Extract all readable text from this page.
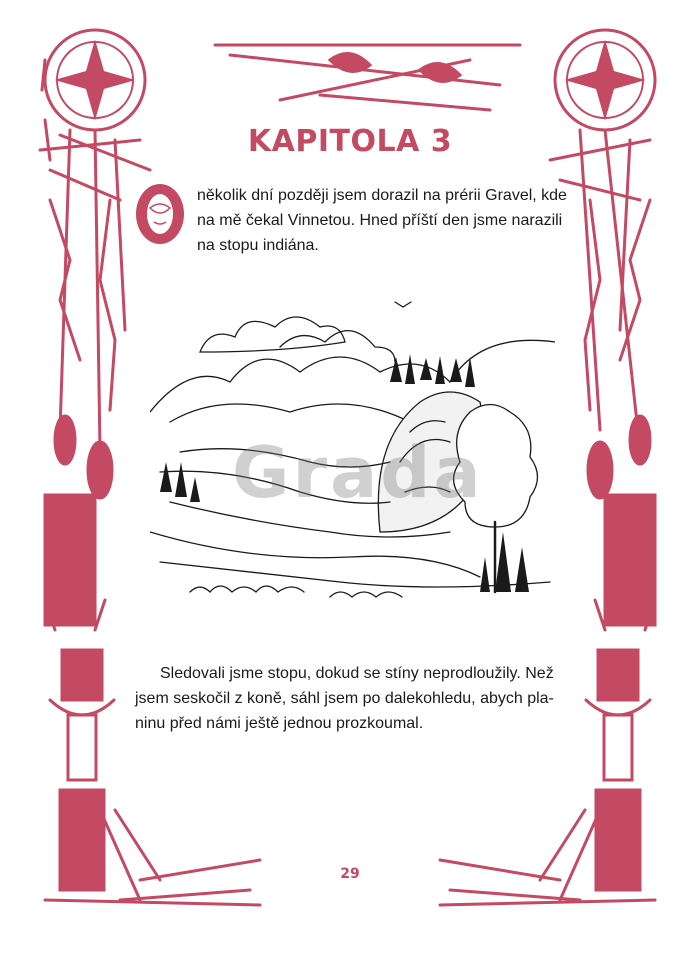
KAPITOLA 3
O
několik dní později jsem dorazil na prérii Gravel, kde
na mě čekal Vinnetou. Hned příští den jsme narazili
na stopu indiána.
Grada
Sledovali jsme stopu, dokud se stíny neprodloužily. Než
jsem seskočil z koně, sáhl jsem po dalekohledu, abych pla-
ninu před námi ještě jednou prozkoumal.
29
